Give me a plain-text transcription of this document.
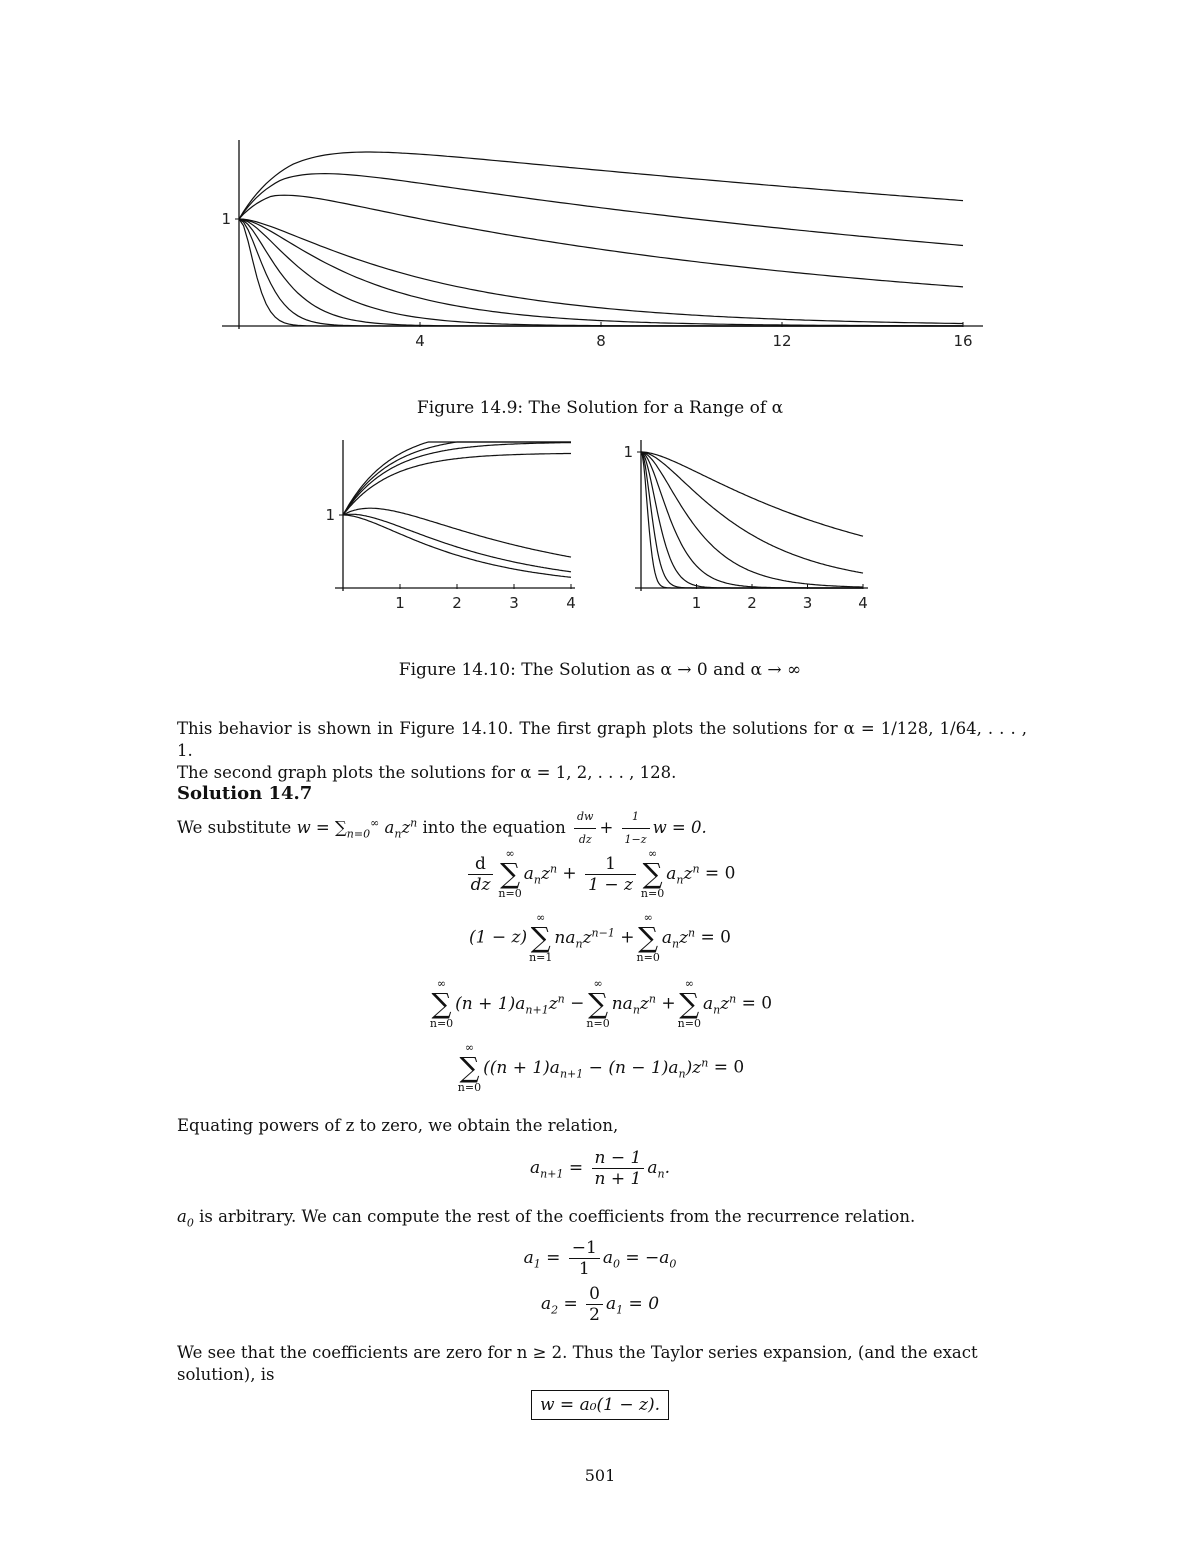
4	8	12	16
1
Figure 14.9: The Solution for a Range of α
1	2	3	4
1
1	2	3	4
1
Figure 14.10: The Solution as α → 0 and α → ∞
This behavior is shown in Figure 14.10. The first graph plots the solutions for α = 1/128, 1/64, . . . , 1.
The second graph plots the solutions for α = 1, 2, . . . , 128.
Solution 14.7
We substitute $w = \sum_{n=0}^\infty$ $a_nz^n$ into the equation $\frac{dw}{dz} + \frac{1}{1-z}$ w = 0.
$\frac{d}{dz}$	∞
∑
n=0
$a_nz^n + \frac{1}{1 - z}$	∞
∑
n=0
$a_nz^n = 0$
(1 − z)
∞
∑
n=1
$na_nz^{n-1}$ +
∞
∑
n=0
$a_nz^n = 0$
∞
∑
n=0
$(n + 1)a_{n+1}z^n$ −
∞
∑
n=0
$na_nz^n$ +
∞
∑
n=0
$a_nz^n = 0$
∞
∑
n=0
$((n + 1)a_{n+1} - (n - 1)a_n)z^n = 0$
Equating powers of z to zero, we obtain the relation,
$a_{n+1} = \frac{n - 1}{n + 1} a_n$.
$a_0$ is arbitrary. We can compute the rest of the coefficients from the recurrence relation.
$a_1 = \frac{-1}{1} a_0 = -a_0$
$a_2 = \frac{0}{2} a_1 = 0$
We see that the coefficients are zero for n ≥ 2. Thus the Taylor series expansion, (and the exact
solution), is
w = a₀(1 − z).
501
